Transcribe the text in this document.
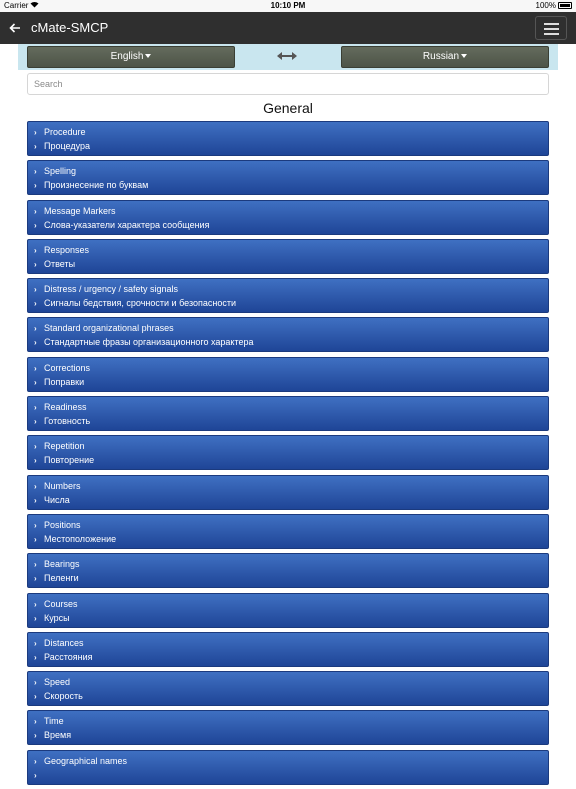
Carrier	10:10 PM	100%
cMate-SMCP
English	Russian
Search
General
› Procedure
› Процедура
› Spelling
› Произнесение по буквам
› Message Markers
› Слова-указатели характера сообщения
› Responses
› Ответы
› Distress / urgency / safety signals
› Сигналы бедствия, срочности и безопасности
› Standard organizational phrases
› Стандартные фразы организационного характера
› Corrections
› Поправки
› Readiness
› Готовность
› Repetition
› Повторение
› Numbers
› Числа
› Positions
› Местоположение
› Bearings
› Пеленги
› Courses
› Курсы
› Distances
› Расстояния
› Speed
› Скорость
› Time
› Время
› Geographical names
›
